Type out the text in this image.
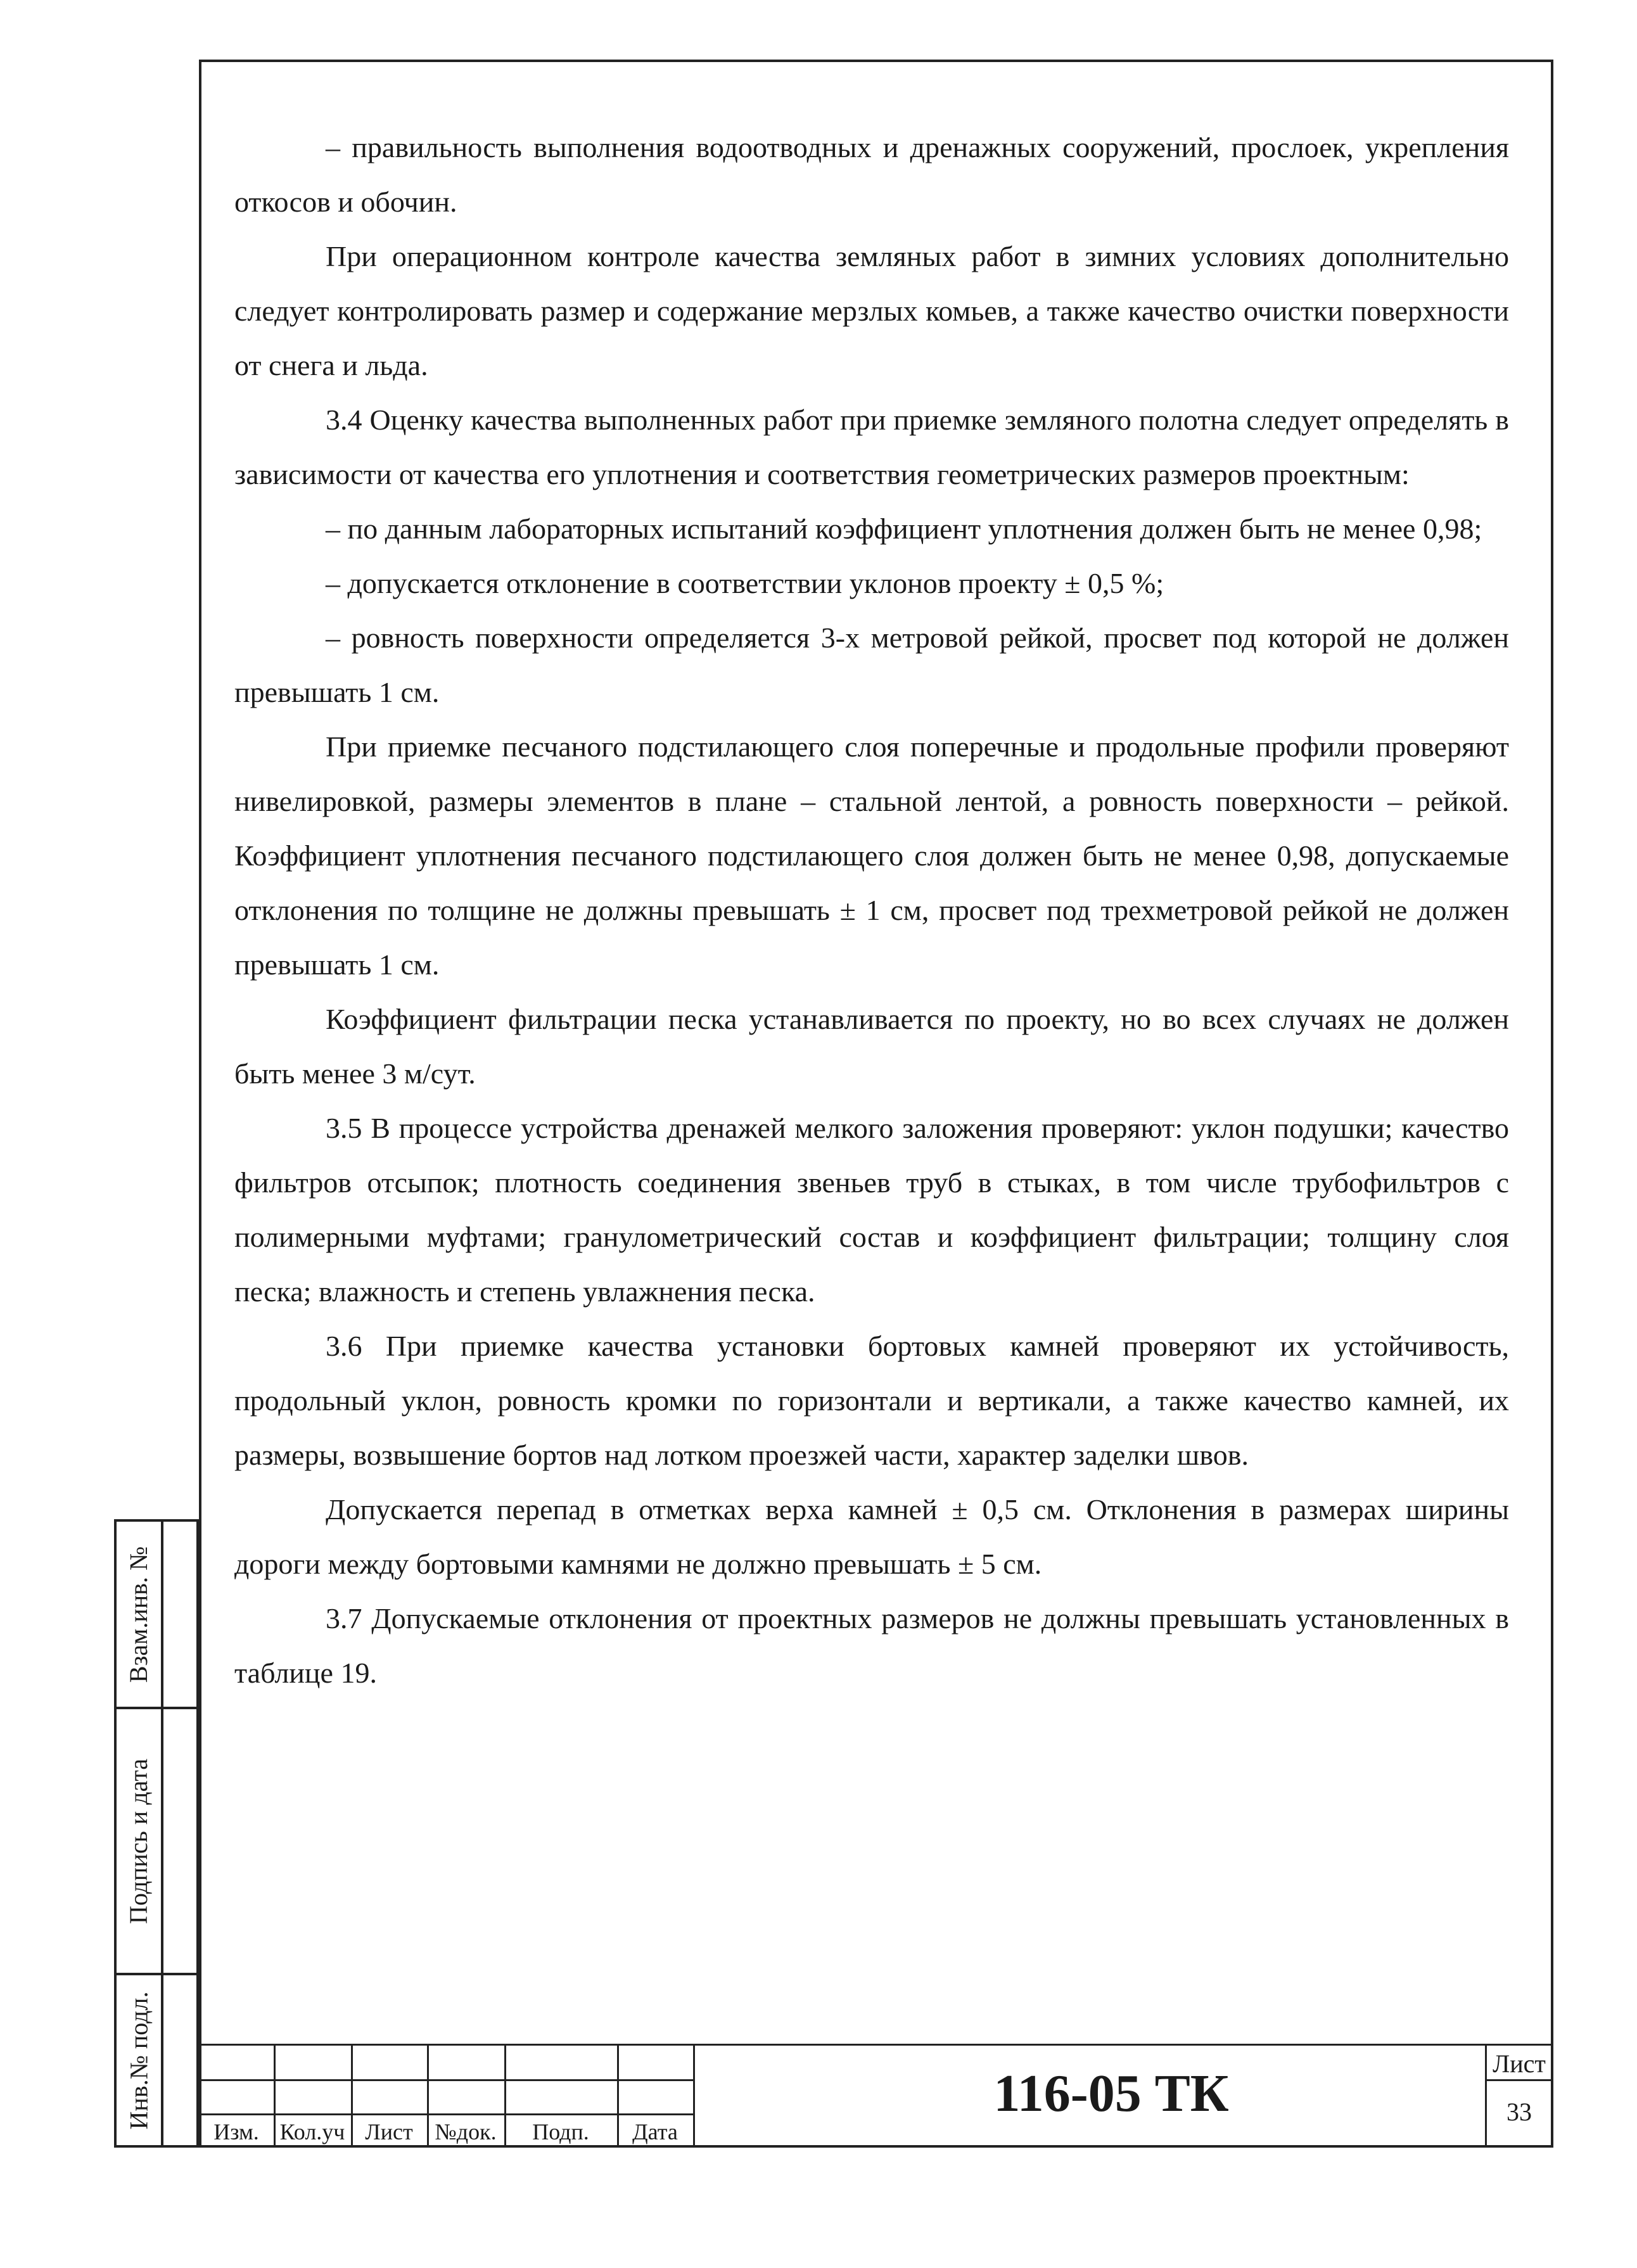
– правильность выполнения водоотводных и дренажных сооружений, прослоек, укрепления откосов и обочин.

При операционном контроле качества земляных работ в зимних условиях дополнительно следует контролировать размер и содержание мерзлых комьев, а также качество очистки поверхности от снега и льда.

3.4 Оценку качества выполненных работ при приемке земляного полотна следует определять в зависимости от качества его уплотнения и соответствия геометрических размеров проектным:

– по данным лабораторных испытаний коэффициент уплотнения должен быть не менее 0,98;

– допускается отклонение в соответствии уклонов проекту ± 0,5 %;

– ровность поверхности определяется 3-х метровой рейкой, просвет под которой не должен превышать 1 см.

При приемке песчаного подстилающего слоя поперечные и продольные профили проверяют нивелировкой, размеры элементов в плане – стальной лентой, а ровность поверхности – рейкой. Коэффициент уплотнения песчаного подстилающего слоя должен быть не менее 0,98, допускаемые отклонения по толщине не должны превышать ± 1 см, просвет под трехметровой рейкой не должен превышать 1 см.

Коэффициент фильтрации песка устанавливается по проекту, но во всех случаях не должен быть менее 3 м/сут.

3.5 В процессе устройства дренажей мелкого заложения проверяют: уклон подушки; качество фильтров отсыпок; плотность соединения звеньев труб в стыках, в том числе трубофильтров с полимерными муфтами; гранулометрический состав и коэффициент фильтрации; толщину слоя песка; влажность и степень увлажнения песка.

3.6 При приемке качества установки бортовых камней проверяют их устойчивость, продольный уклон, ровность кромки по горизонтали и вертикали, а также качество камней, их размеры, возвышение бортов над лотком проезжей части, характер заделки швов.

Допускается перепад в отметках верха камней ± 0,5 см. Отклонения в размерах ширины дороги между бортовыми камнями не должно превышать ± 5 см.

3.7 Допускаемые отклонения от проектных размеров не должны превышать установленных в таблице 19.

Взам.инв. №
Подпись и дата
Инв.№ подл.
Изм. Кол.уч Лист №док.	Подп.	Дата
116-05 ТК
Лист
33
